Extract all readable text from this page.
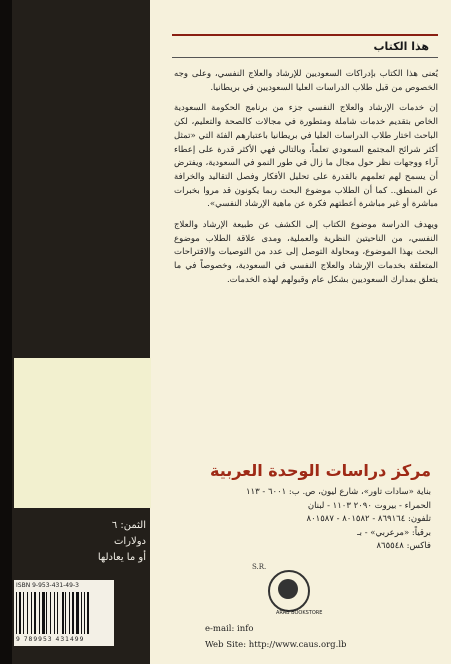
الثمن: ٦ دولارات
أو ما يعادلها
ISBN 9-953-431-49-3
9 789953 431499
هذا الكتاب

يُعنى هذا الكتاب بإدراكات السعوديين للإرشاد والعلاج النفسي، وعلى وجه الخصوص من قبل طلاب الدراسات العليا السعوديين في بريطانيا.

إن خدمات الإرشاد والعلاج النفسي جزء من برنامج الحكومة السعودية الخاص بتقديم خدمات شاملة ومتطورة في مجالات كالصحة والتعليم، لكن الباحث اختار طلاب الدراسات العليا في بريطانيا باعتبارهم الفئة التي «تمثل أكثر شرائح المجتمع السعودي تعلماً، وبالتالي فهي الأكثر قدرة على إعطاء آراء ووجهات نظر حول مجال ما زال في طور النمو في السعودية، ويفترض أن يسمح لهم تعلمهم بالقدرة على تحليل الأفكار وفصل التقاليد والخرافة عن المنطق.. كما أن الطلاب موضوع البحث ربما يكونون قد مروا بخبرات مباشرة أو غير مباشرة أعطتهم فكرة عن ماهية الإرشاد النفسي».

ويهدف الدراسة موضوع الكتاب إلى الكشف عن طبيعة الإرشاد والعلاج النفسي، من الناحيتين النظرية والعملية، ومدى علاقة الطلاب موضوع البحث بهذا الموضوع، ومحاولة التوصل إلى عدد من التوصيات والاقتراحات المتعلقة بخدمات الإرشاد والعلاج النفسي في السعودية، وخصوصاً في ما يتعلق بمدارك السعوديين بشكل عام وقبولهم لهذه الخدمات.

مركز دراسات الوحدة العربية
بناية «سادات تاور»، شارع ليون، ص. ب: ٦٠٠١ - ١١٣
الحمراء - بيروت ٢٠٩٠ ١١٠٣ - لبنان
تلفون: ٨٦٩١٦٤ - ٨٠١٥٨٢ - ٨٠١٥٨٧
برقياً: «مرعربي» - بـ
فاكس: ٨٦٥٥٤٨
S.R.
ARAB BOOKSTORE
e-mail: info
Web Site: http://www.caus.org.lb
